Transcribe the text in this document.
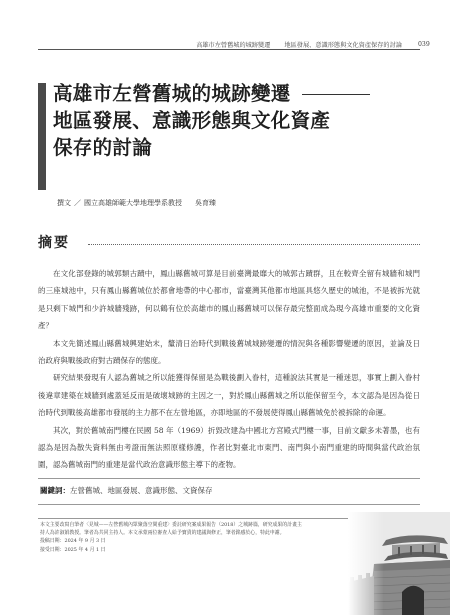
高雄市左營舊城的城跡變遷 地區發展、意識形態與文化資產保存的討論	039
高雄市左營舊城的城跡變遷
地區發展、意識形態與文化資產
保存的討論
撰文 ／ 國立高雄師範大學地理學系教授 吳育臻
摘要

在文化部登錄的城郭類古蹟中，鳳山縣舊城可算是目前臺灣最靡大的城郭古蹟群，且在較齊全留有城牆和城門的三座城池中，只有鳳山縣舊城位於都會地帶的中心都市，當臺灣其他都市地區具悠久歷史的城池，不是被拆光就是只剩下城門和少許城牆殘跡，何以鶴有位於高雄市的鳳山縣舊城可以保存最完整面成為現今高雄市重要的文化資產？

本文先簡述鳳山縣舊城興建始末，釐清日治時代到戰後舊城城跡變遷的情況與各種影響變遷的原因，並論及日治政府與戰後政府對古蹟保存的態度。

研究結果發現有人認為舊城之所以能獲得保留是為戰後劃入眷村，這種說法其實是一種迷思，事實上劃入眷村後違章建築在城牆到處蓋延反而是破壞城跡的主因之一，對於鳳山縣舊城之所以能保留至今，本文認為是因為從日治時代到戰後高雄都市發展的主力都不在左營地區，亦即地區的不發展使得鳳山縣舊城免於被拆除的命運。

其次，對於舊城南門樓在民國 58 年（1969）折毀改建為中國北方宮殿式門樓一事，目前文獻多未著墨，也有認為是因為散失資料無由考證而無法照原樣修護，作者比對臺北市東門、南門與小南門重建的時間與當代政治氛圍，認為舊城南門的重建是當代政治意識形態主導下的產物。

關鍵詞：左營舊城、地區發展、意識形態、文資保存
本文主要改寫自筆者〈見城——左營舊城內眾聚落空間重建〉委託研究案成果報告（2018）之城跡篇，研究成果的計畫主
持人為許淑娟教授。筆者為共同主持人。本文承蒙兩位審查人給予寶貴的建議與修正，筆者銘感於心，特此申謝。
投稿日期：2024 年 9 月 3 日
接受日期：2025 年 4 月 1 日
